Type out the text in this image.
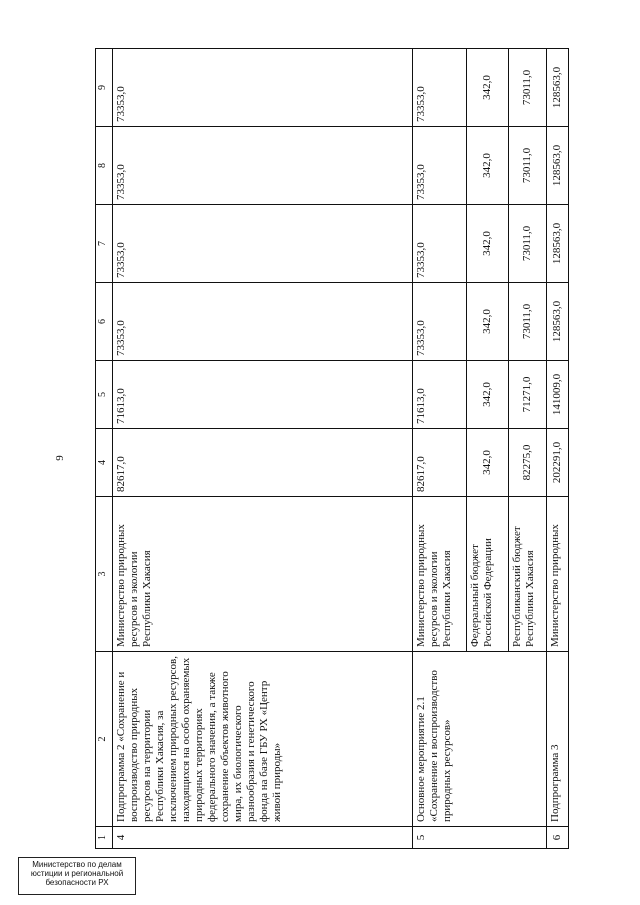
9
1	2	3	4	5	6	7	8	9
4	Подпрограмма 2 «Сохранение и воспроизводство природных ресурсов на территории Республики Хакасия, за исключением природных ресурсов, находящихся на особо охраняемых природных территориях федерального значения, а также сохранение объектов животного мира, их биологического разнообразия и генетического фонда на базе ГБУ РХ «Центр живой природы»	Министерство природных ресурсов и экологии Республики Хакасия	82617,0	71613,0	73353,0	73353,0	73353,0	73353,0
5	Основное мероприятие 2.1 «Сохранение и воспроизводство природных ресурсов»	Министерство природных ресурсов и экологии Республики Хакасия	82617,0	71613,0	73353,0	73353,0	73353,0	73353,0
		Федеральный бюджет Российской Федерации	342,0	342,0	342,0	342,0	342,0	342,0
		Республиканский бюджет Республики Хакасия	82275,0	71271,0	73011,0	73011,0	73011,0	73011,0
6	Подпрограмма 3	Министерство природных	202291,0	141009,0	128563,0	128563,0	128563,0	128563,0
Министерство по делам
юстиции и региональной
безопасности РХ
